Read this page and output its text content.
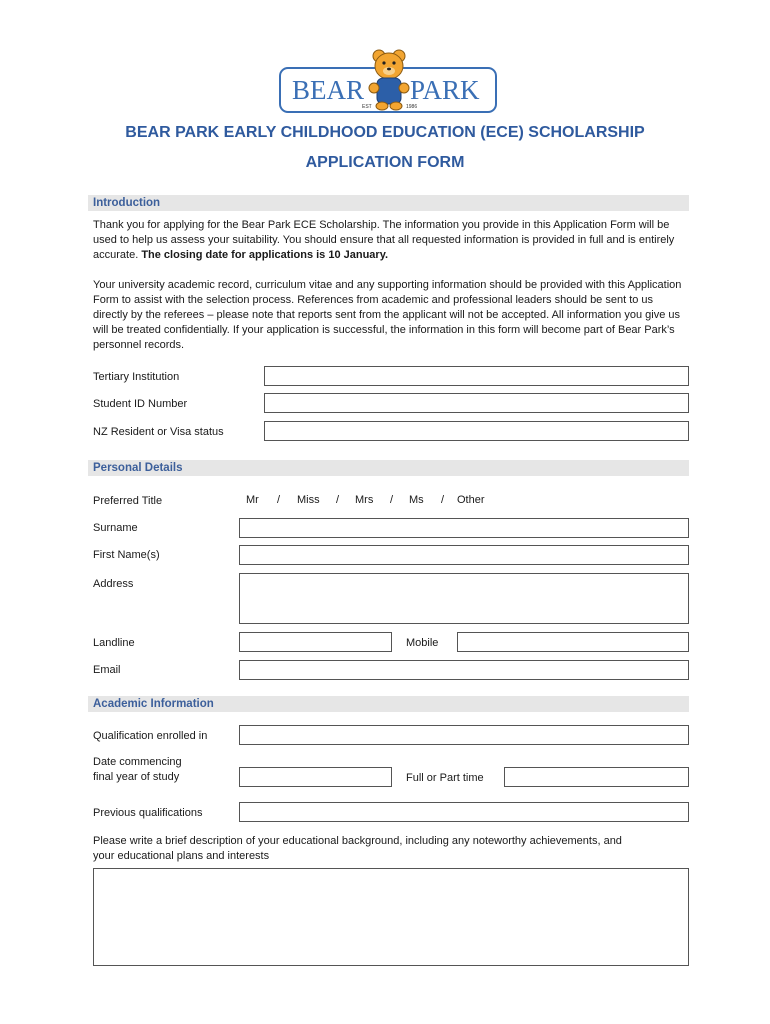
BEAR PARK
EST	1986
BEAR PARK EARLY CHILDHOOD EDUCATION (ECE) SCHOLARSHIP
APPLICATION FORM
Introduction
Thank you for applying for the Bear Park ECE Scholarship. The information you provide in this Application Form will be used to help us assess your suitability. You should ensure that all requested information is provided in full and is entirely accurate. The closing date for applications is 10 January.
Your university academic record, curriculum vitae and any supporting information should be provided with this Application Form to assist with the selection process. References from academic and professional leaders should be sent to us directly by the referees – please note that reports sent from the applicant will not be accepted. All information you give us will be treated confidentially. If your application is successful, the information in this form will become part of Bear Park’s personnel records.
Tertiary Institution
Student ID Number
NZ Resident or Visa status
Personal Details
Preferred Title	Mr / Miss / Mrs / Ms / Other
Surname
First Name(s)
Address
Landline	Mobile
Email
Academic Information
Qualification enrolled in
Date commencing
final year of study	Full or Part time
Previous qualifications
Please write a brief description of your educational background, including any noteworthy achievements, and
your educational plans and interests
